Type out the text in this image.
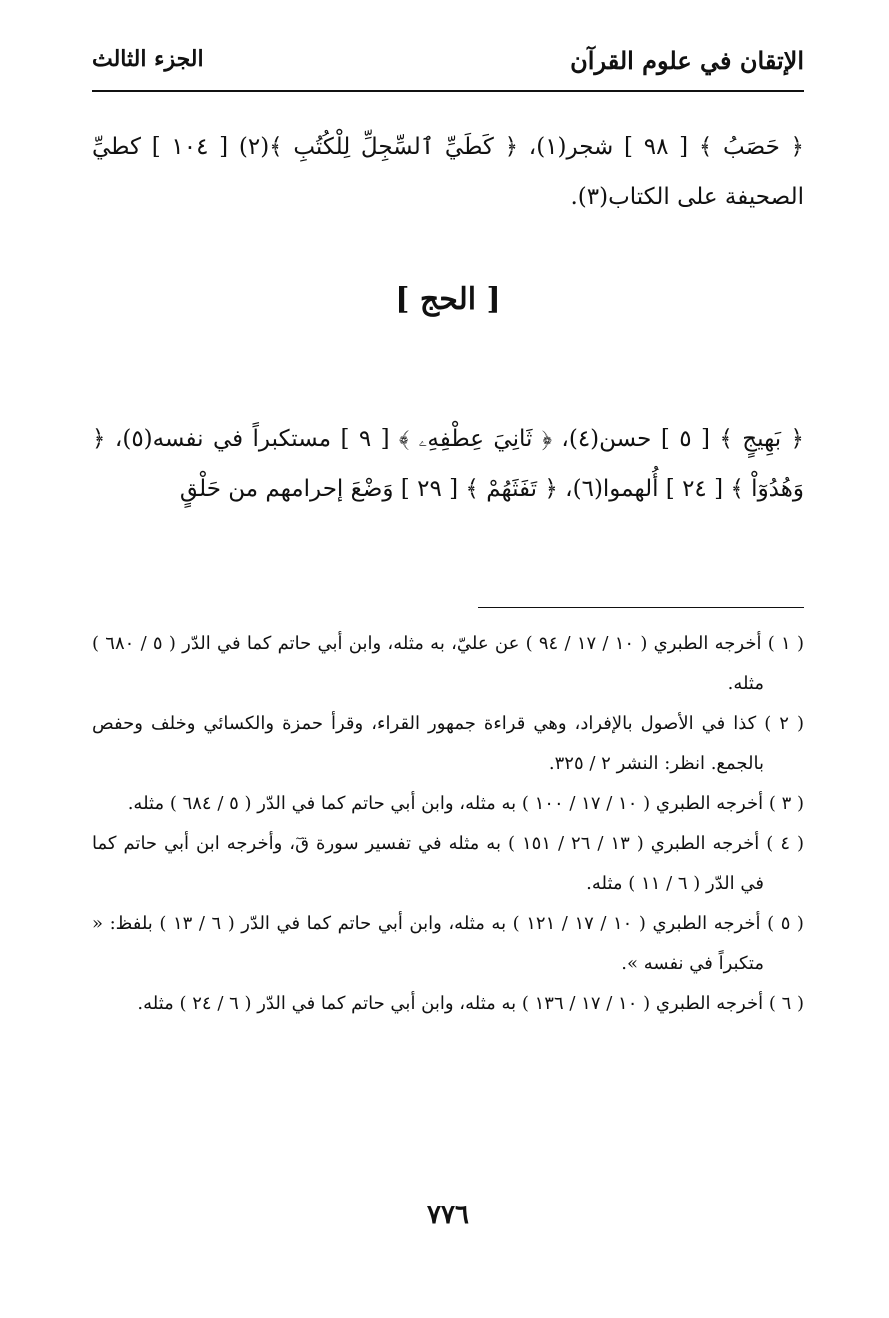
الإتقان في علوم القرآن
الجزء الثالث

﴿ حَصَبُ ﴾ [ ٩٨ ] شجر(١)، ﴿ كَطَيِّ ٱلسِّجِلِّ لِلْكُتُبِ ﴾(٢) [ ١٠٤ ] كطيِّ الصحيفة على الكتاب(٣).

[ الحج ]

﴿ بَهِيجٍ ﴾ [ ٥ ] حسن(٤)، ﴿ ثَانِيَ عِطْفِهِۦ ﴾ [ ٩ ] مستكبراً في نفسه(٥)، ﴿ وَهُدُوٓاْ ﴾ [ ٢٤ ] أُلهموا(٦)، ﴿ تَفَثَهُمْ ﴾ [ ٢٩ ] وَضْعَ إحرامهم من حَلْقٍ

( ١ ) أخرجه الطبري ( ١٠ / ١٧ / ٩٤ ) عن عليّ، به مثله، وابن أبي حاتم كما في الدّر ( ٥ / ٦٨٠ ) مثله.

( ٢ ) كذا في الأصول بالإفراد، وهي قراءة جمهور القراء، وقرأ حمزة والكسائي وخلف وحفص بالجمع. انظر: النشر ٢ / ٣٢٥.

( ٣ ) أخرجه الطبري ( ١٠ / ١٧ / ١٠٠ ) به مثله، وابن أبي حاتم كما في الدّر ( ٥ / ٦٨٤ ) مثله.

( ٤ ) أخرجه الطبري ( ١٣ / ٢٦ / ١٥١ ) به مثله في تفسير سورة قٓ، وأخرجه ابن أبي حاتم كما في الدّر ( ٦ / ١١ ) مثله.

( ٥ ) أخرجه الطبري ( ١٠ / ١٧ / ١٢١ ) به مثله، وابن أبي حاتم كما في الدّر ( ٦ / ١٣ ) بلفظ: « متكبراً في نفسه ».

( ٦ ) أخرجه الطبري ( ١٠ / ١٧ / ١٣٦ ) به مثله، وابن أبي حاتم كما في الدّر ( ٦ / ٢٤ ) مثله.

٧٧٦
